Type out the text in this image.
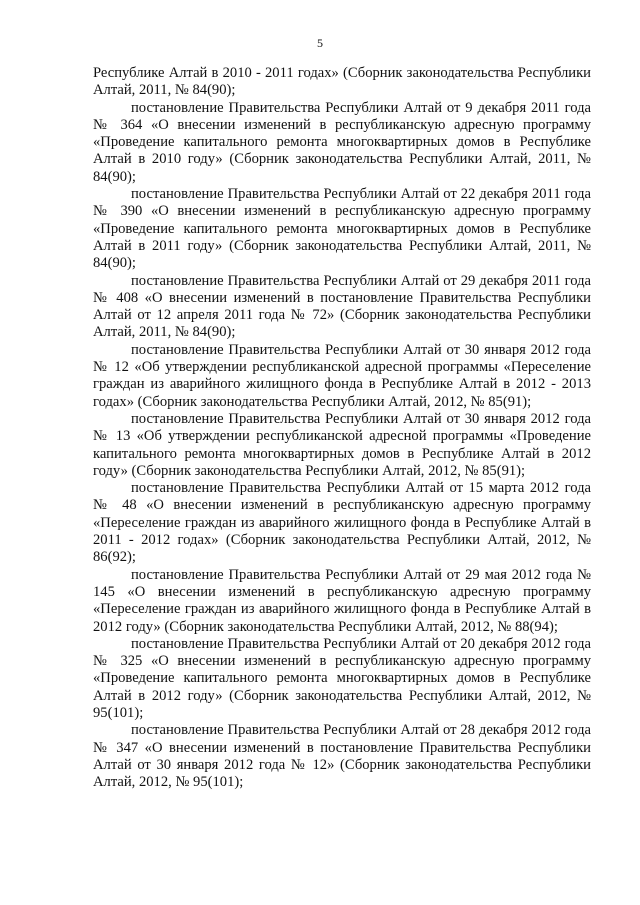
5

Республике Алтай в 2010 - 2011 годах» (Сборник законодательства Республики Алтай, 2011, № 84(90);

постановление Правительства Республики Алтай от 9 декабря 2011 года № 364 «О внесении изменений в республиканскую адресную программу «Проведение капитального ремонта многоквартирных домов в Республике Алтай в 2010 году» (Сборник законодательства Республики Алтай, 2011, № 84(90);

постановление Правительства Республики Алтай от 22 декабря 2011 года № 390 «О внесении изменений в республиканскую адресную программу «Проведение капитального ремонта многоквартирных домов в Республике Алтай в 2011 году» (Сборник законодательства Республики Алтай, 2011, № 84(90);

постановление Правительства Республики Алтай от 29 декабря 2011 года № 408 «О внесении изменений в постановление Правительства Республики Алтай от 12 апреля 2011 года № 72» (Сборник законодательства Республики Алтай, 2011, № 84(90);

постановление Правительства Республики Алтай от 30 января 2012 года № 12 «Об утверждении республиканской адресной программы «Переселение граждан из аварийного жилищного фонда в Республике Алтай в 2012 - 2013 годах» (Сборник законодательства Республики Алтай, 2012, № 85(91);

постановление Правительства Республики Алтай от 30 января 2012 года № 13 «Об утверждении республиканской адресной программы «Проведение капитального ремонта многоквартирных домов в Республике Алтай в 2012 году» (Сборник законодательства Республики Алтай, 2012, № 85(91);

постановление Правительства Республики Алтай от 15 марта 2012 года № 48 «О внесении изменений в республиканскую адресную программу «Переселение граждан из аварийного жилищного фонда в Республике Алтай в 2011 - 2012 годах» (Сборник законодательства Республики Алтай, 2012, № 86(92);

постановление Правительства Республики Алтай от 29 мая 2012 года № 145 «О внесении изменений в республиканскую адресную программу «Переселение граждан из аварийного жилищного фонда в Республике Алтай в 2012 году» (Сборник законодательства Республики Алтай, 2012, № 88(94);

постановление Правительства Республики Алтай от 20 декабря 2012 года № 325 «О внесении изменений в республиканскую адресную программу «Проведение капитального ремонта многоквартирных домов в Республике Алтай в 2012 году» (Сборник законодательства Республики Алтай, 2012, № 95(101);

постановление Правительства Республики Алтай от 28 декабря 2012 года № 347 «О внесении изменений в постановление Правительства Республики Алтай от 30 января 2012 года № 12» (Сборник законодательства Республики Алтай, 2012, № 95(101);
